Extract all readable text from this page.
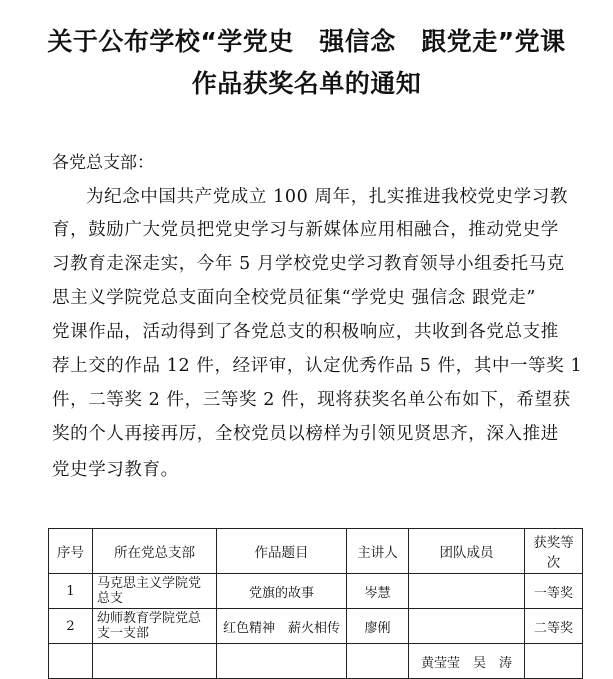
关于公布学校“学党史　强信念　跟党走”党课
作品获奖名单的通知
各党总支部：
为纪念中国共产党成立 100 周年，扎实推进我校党史学习教
育，鼓励广大党员把党史学习与新媒体应用相融合，推动党史学
习教育走深走实，今年 5 月学校党史学习教育领导小组委托马克
思主义学院党总支面向全校党员征集“学党史 强信念 跟党走”
党课作品，活动得到了各党总支的积极响应，共收到各党总支推
荐上交的作品 12 件，经评审，认定优秀作品 5 件，其中一等奖 1
件，二等奖 2 件，三等奖 2 件，现将获奖名单公布如下，希望获
奖的个人再接再厉，全校党员以榜样为引领见贤思齐，深入推进
党史学习教育。
序号	所在党总支部	作品题目	主讲人	团队成员	获奖等次
1	马克思主义学院党总支	党旗的故事	岑慧		一等奖
2	幼师教育学院党总支一支部	红色精神　薪火相传	廖俐		二等奖
				黄莹莹　吴　涛	
